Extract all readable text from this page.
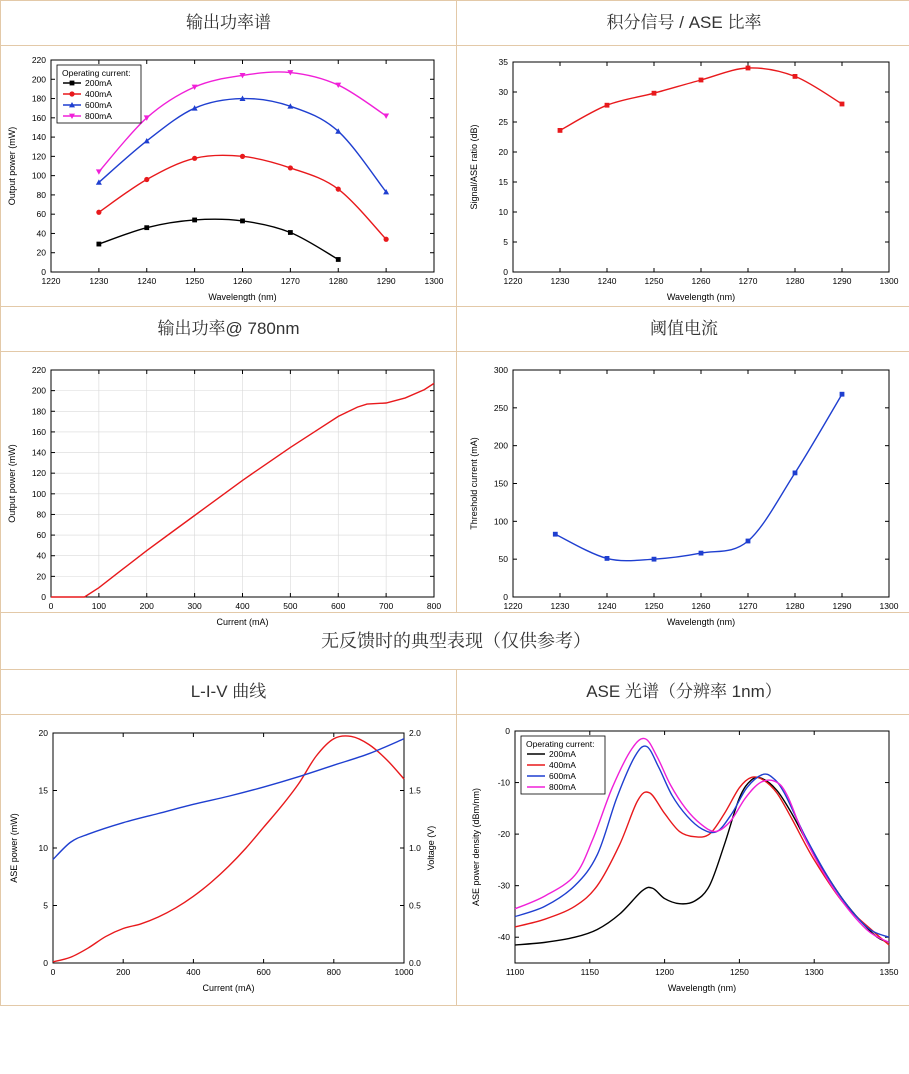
输出功率谱	积分信号 / ASE 比率

1220	1230	1240	1250	1260	1270	1280	1290	1300
0
20
40
60
80
100
120
140
160
180
200
220
Wavelength (nm)
Output power (mW)
Operating current:
200mA
400mA
600mA
800mA

1220	1230	1240	1250	1260	1270	1280	1290	1300
0
5
10
15
20
25
30
35
Wavelength (nm)
Signal/ASE ratio (dB)

输出功率@ 780nm	阈值电流

0	100	200	300	400	500	600	700	800
0
20
40
60
80
100
120
140
160
180
200
220
Current (mA)
Output power (mW)

1220	1230	1240	1250	1260	1270	1280	1290	1300
0
50
100
150
200
250
300
Wavelength (nm)
Threshold current (mA)

无反馈时的典型表现（仅供参考）	

L-I-V 曲线	ASE 光谱（分辨率 1nm）

0	200	400	600	800	1000
0
5
10
15
20
0.0
0.5
1.0
1.5
2.0
Current (mA)
ASE power (mW)	Voltage (V)

1100	1150	1200	1250	1300	1350
0
-10
-20
-30
-40
Wavelength (nm)
ASE power density (dBm/nm)
Operating current:
200mA
400mA
600mA
800mA
